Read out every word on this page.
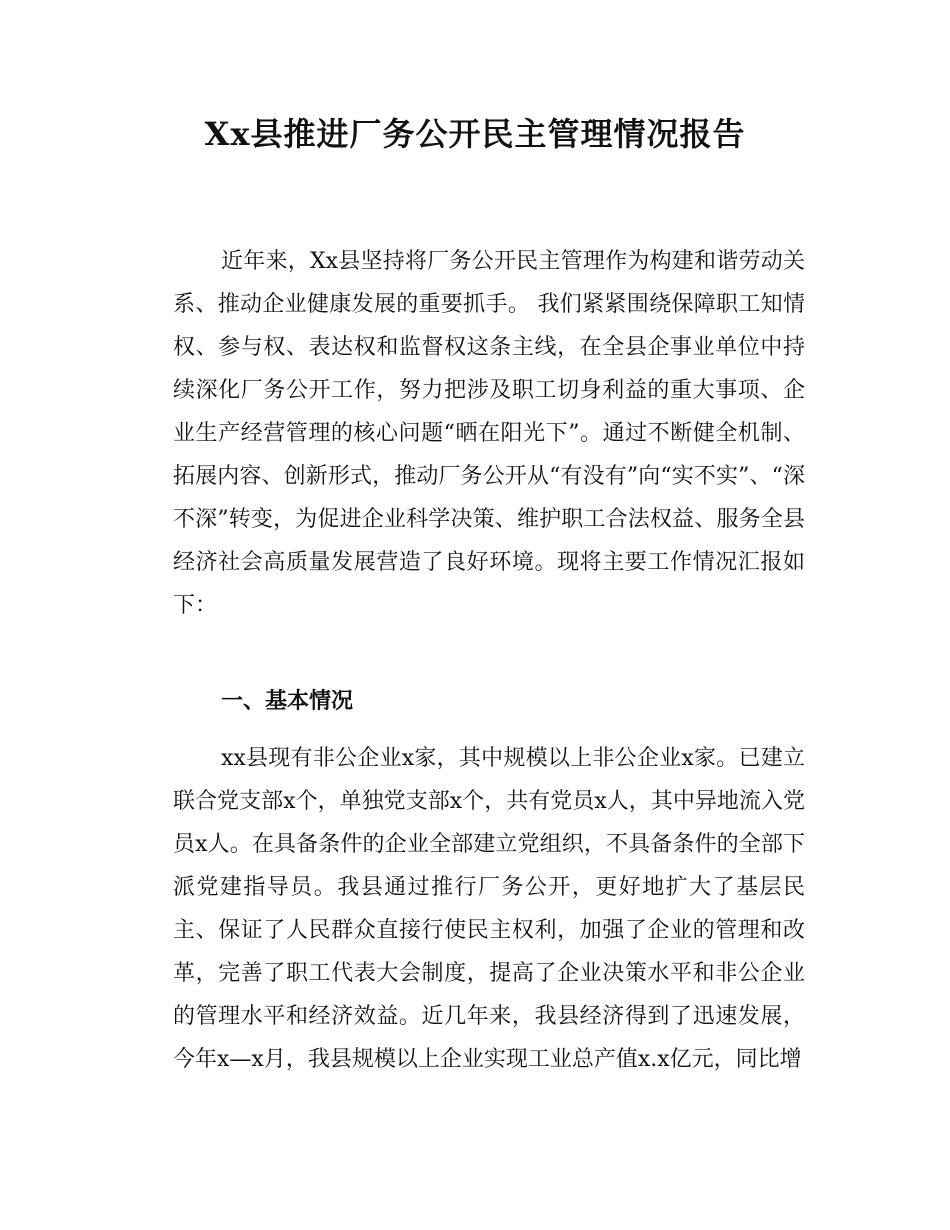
Xx县推进厂务公开民主管理情况报告

近年来，Xx县坚持将厂务公开民主管理作为构建和谐劳动关系、推动企业健康发展的重要抓手。 我们紧紧围绕保障职工知情权、参与权、表达权和监督权这条主线，在全县企事业单位中持续深化厂务公开工作，努力把涉及职工切身利益的重大事项、企业生产经营管理的核心问题“晒在阳光下”。通过不断健全机制、拓展内容、创新形式，推动厂务公开从“有没有”向“实不实”、“深不深”转变，为促进企业科学决策、维护职工合法权益、服务全县经济社会高质量发展营造了良好环境。现将主要工作情况汇报如下：

一、基本情况

xx县现有非公企业x家，其中规模以上非公企业x家。已建立联合党支部x个，单独党支部x个，共有党员x人，其中异地流入党员x人。在具备条件的企业全部建立党组织，不具备条件的全部下派党建指导员。我县通过推行厂务公开，更好地扩大了基层民主、保证了人民群众直接行使民主权利，加强了企业的管理和改革，完善了职工代表大会制度，提高了企业决策水平和非公企业的管理水平和经济效益。近几年来，我县经济得到了迅速发展，今年x—x月，我县规模以上企业实现工业总产值x.x亿元，同比增
